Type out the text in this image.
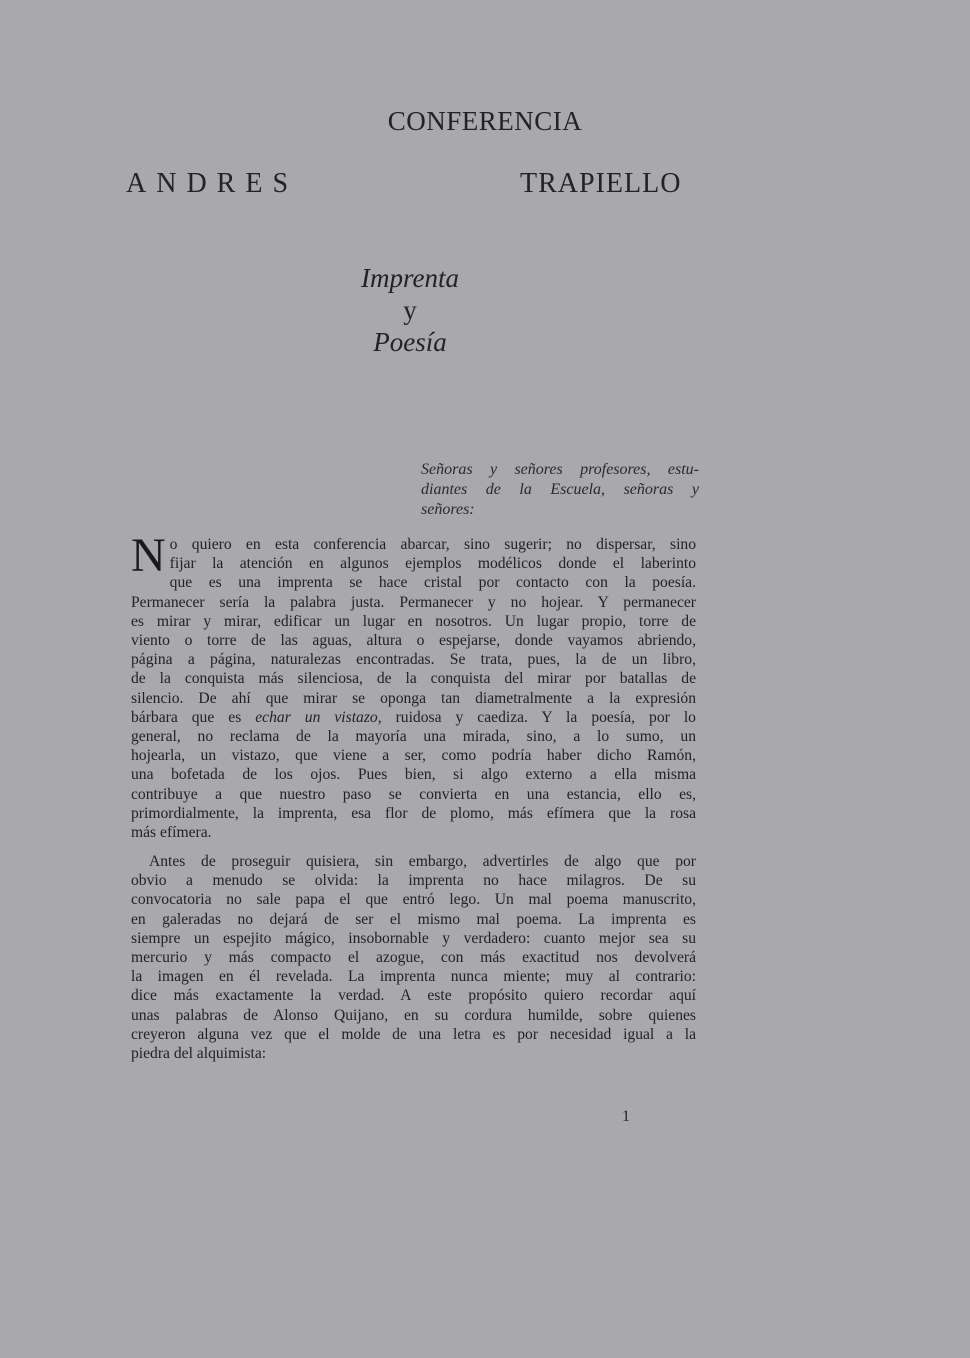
CONFERENCIA
ANDRES	TRAPIELLO
Imprenta
y
Poesía
Señoras y señores profesores, estu-
diantes de la Escuela, señoras y
señores:
N o quiero en esta conferencia abarcar, sino sugerir; no dispersar, sino
fijar la atención en algunos ejemplos modélicos donde el laberinto
que es una imprenta se hace cristal por contacto con la poesía.
Permanecer sería la palabra justa. Permanecer y no hojear. Y permanecer
es mirar y mirar, edificar un lugar en nosotros. Un lugar propio, torre de
viento o torre de las aguas, altura o espejarse, donde vayamos abriendo,
página a página, naturalezas encontradas. Se trata, pues, la de un libro,
de la conquista más silenciosa, de la conquista del mirar por batallas de
silencio. De ahí que mirar se oponga tan diametralmente a la expresión
bárbara que es echar un vistazo, ruidosa y caediza. Y la poesía, por lo
general, no reclama de la mayoría una mirada, sino, a lo sumo, un
hojearla, un vistazo, que viene a ser, como podría haber dicho Ramón,
una bofetada de los ojos. Pues bien, si algo externo a ella misma
contribuye a que nuestro paso se convierta en una estancia, ello es,
primordialmente, la imprenta, esa flor de plomo, más efímera que la rosa
más efímera.
Antes de proseguir quisiera, sin embargo, advertirles de algo que por
obvio a menudo se olvida: la imprenta no hace milagros. De su
convocatoria no sale papa el que entró lego. Un mal poema manuscrito,
en galeradas no dejará de ser el mismo mal poema. La imprenta es
siempre un espejito mágico, insobornable y verdadero: cuanto mejor sea su
mercurio y más compacto el azogue, con más exactitud nos devolverá
la imagen en él revelada. La imprenta nunca miente; muy al contrario:
dice más exactamente la verdad. A este propósito quiero recordar aquí
unas palabras de Alonso Quijano, en su cordura humilde, sobre quienes
creyeron alguna vez que el molde de una letra es por necesidad igual a la
piedra del alquimista:
1
